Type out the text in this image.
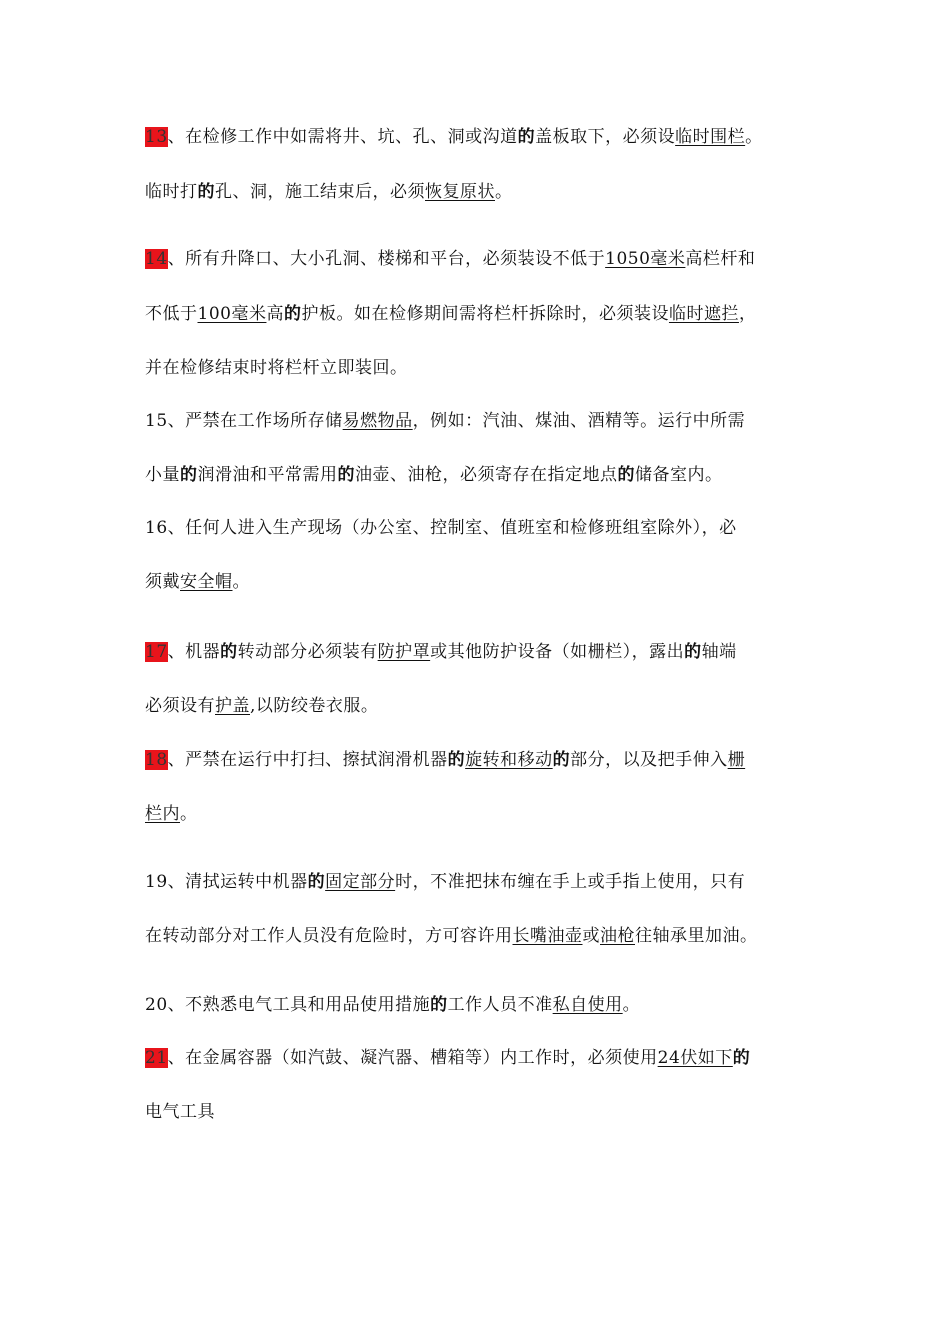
13、在检修工作中如需将井、坑、孔、洞或沟道的盖板取下，必须设临时围栏。
临时打的孔、洞，施工结束后，必须恢复原状。
14、所有升降口、大小孔洞、楼梯和平台，必须装设不低于1050毫米高栏杆和
不低于100毫米高的护板。如在检修期间需将栏杆拆除时，必须装设临时遮拦，
并在检修结束时将栏杆立即装回。
15、严禁在工作场所存储易燃物品，例如：汽油、煤油、酒精等。运行中所需
小量的润滑油和平常需用的油壶、油枪，必须寄存在指定地点的储备室内。
16、任何人进入生产现场（办公室、控制室、值班室和检修班组室除外），必
须戴安全帽。
17、机器的转动部分必须装有防护罩或其他防护设备（如栅栏），露出的轴端
必须设有护盖,以防绞卷衣服。
18、严禁在运行中打扫、擦拭润滑机器的旋转和移动的部分，以及把手伸入栅
栏内。
19、清拭运转中机器的固定部分时，不准把抹布缠在手上或手指上使用，只有
在转动部分对工作人员没有危险时，方可容许用长嘴油壶或油枪往轴承里加油。
20、不熟悉电气工具和用品使用措施的工作人员不准私自使用。
21、在金属容器（如汽鼓、凝汽器、槽箱等）内工作时，必须使用24伏如下的
电气工具
